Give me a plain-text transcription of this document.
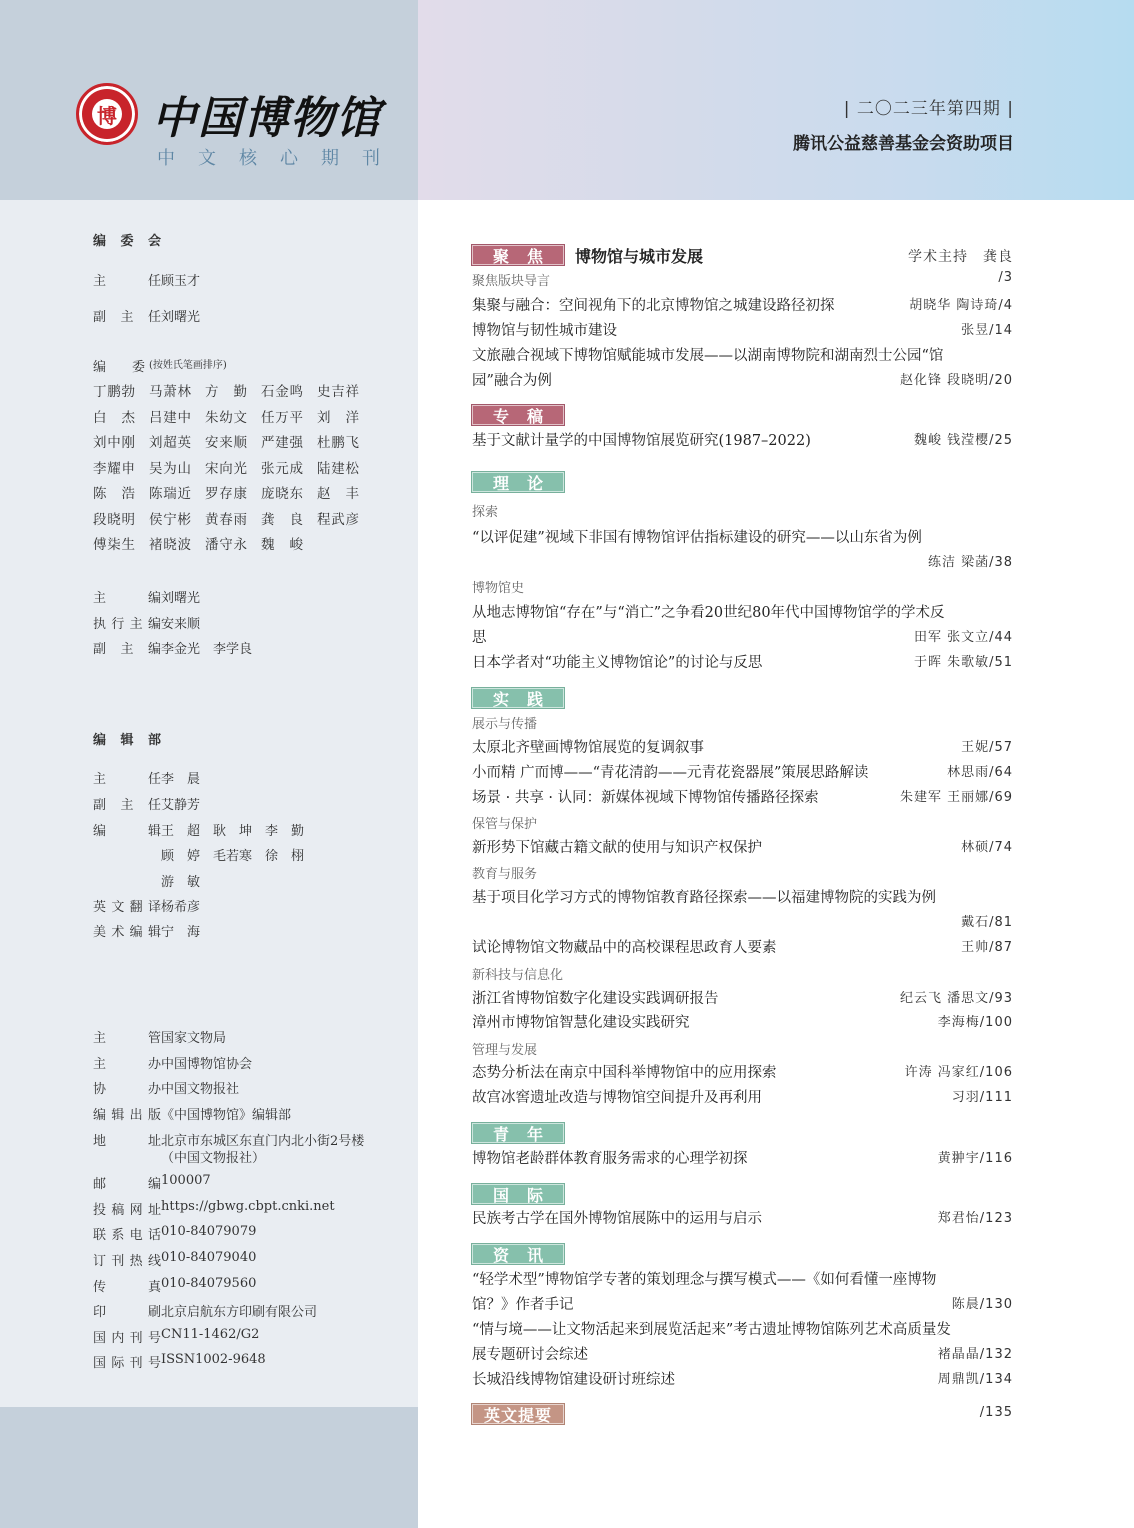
博 中国博物馆
中文核心期刊
| 二〇二三年第四期 |
腾讯公益慈善基金会资助项目
编 委 会
主　　任 顾玉才
副 主 任 刘曙光
编　　委 (按姓氏笔画排序)
丁鹏勃 马萧林 方　勤 石金鸣 史吉祥
白　杰 吕建中 朱幼文 任万平 刘　洋
刘中刚 刘超英 安来顺 严建强 杜鹏飞
李耀申 吴为山 宋向光 张元成 陆建松
陈　浩 陈瑞近 罗存康 庞晓东 赵　丰
段晓明 侯宁彬 黄春雨 龚　良 程武彦
傅柒生 褚晓波 潘守永 魏　峻
主　　编 刘曙光
执行主编 安来顺
副 主 编 李金光　李学良
编 辑 部
主　　任 李　晨
副 主 任 艾静芳
编　　辑 王　超　耿　坤　李　勤
顾　婷　毛若寒　徐　栩
游　敏
英文翻译 杨希彦
美术编辑 宁　海
主　　管 国家文物局
主　　办 中国博物馆协会
协　　办 中国文物报社
编辑出版 《中国博物馆》编辑部
地　　址 北京市东城区东直门内北小街2号楼
（中国文物报社）
邮　　编 100007
投稿网址 https://gbwg.cbpt.cnki.net
联系电话 010-84079079
订刊热线 010-84079040
传　　真 010-84079560
印　　刷 北京启航东方印刷有限公司
国内刊号 CN11-1462/G2
国际刊号 ISSN1002-9648
聚焦 博物馆与城市发展	学术主持　龚良
聚焦版块导言	/3
集聚与融合：空间视角下的北京博物馆之城建设路径初探	胡晓华 陶诗琦/4
博物馆与韧性城市建设	张昱/14
文旅融合视域下博物馆赋能城市发展——以湖南博物院和湖南烈士公园“馆
园”融合为例	赵化锋 段晓明/20
专稿
基于文献计量学的中国博物馆展览研究(1987–2022)	魏峻 钱滢樱/25
理论
探索
“以评促建”视域下非国有博物馆评估指标建设的研究——以山东省为例
练洁 梁菡/38
博物馆史
从地志博物馆“存在”与“消亡”之争看20世纪80年代中国博物馆学的学术反
思	田军 张文立/44
日本学者对“功能主义博物馆论”的讨论与反思	于晖 朱歌敏/51
实践
展示与传播
太原北齐壁画博物馆展览的复调叙事	王妮/57
小而精 广而博——“青花清韵——元青花瓷器展”策展思路解读	林思雨/64
场景 · 共享 · 认同：新媒体视域下博物馆传播路径探索	朱建军 王丽娜/69
保管与保护
新形势下馆藏古籍文献的使用与知识产权保护	林硕/74
教育与服务
基于项目化学习方式的博物馆教育路径探索——以福建博物院的实践为例
戴石/81
试论博物馆文物藏品中的高校课程思政育人要素	王帅/87
新科技与信息化
浙江省博物馆数字化建设实践调研报告	纪云飞 潘思文/93
漳州市博物馆智慧化建设实践研究	李海梅/100
管理与发展
态势分析法在南京中国科举博物馆中的应用探索	许涛 冯家红/106
故宫冰窖遗址改造与博物馆空间提升及再利用	习羽/111
青年
博物馆老龄群体教育服务需求的心理学初探	黄翀宇/116
国际
民族考古学在国外博物馆展陈中的运用与启示	郑君怡/123
资讯
“轻学术型”博物馆学专著的策划理念与撰写模式——《如何看懂一座博物
馆？》作者手记	陈晨/130
“情与境——让文物活起来到展览活起来”考古遗址博物馆陈列艺术高质量发
展专题研讨会综述	褚晶晶/132
长城沿线博物馆建设研讨班综述	周鼎凯/134
英文提要	/135
